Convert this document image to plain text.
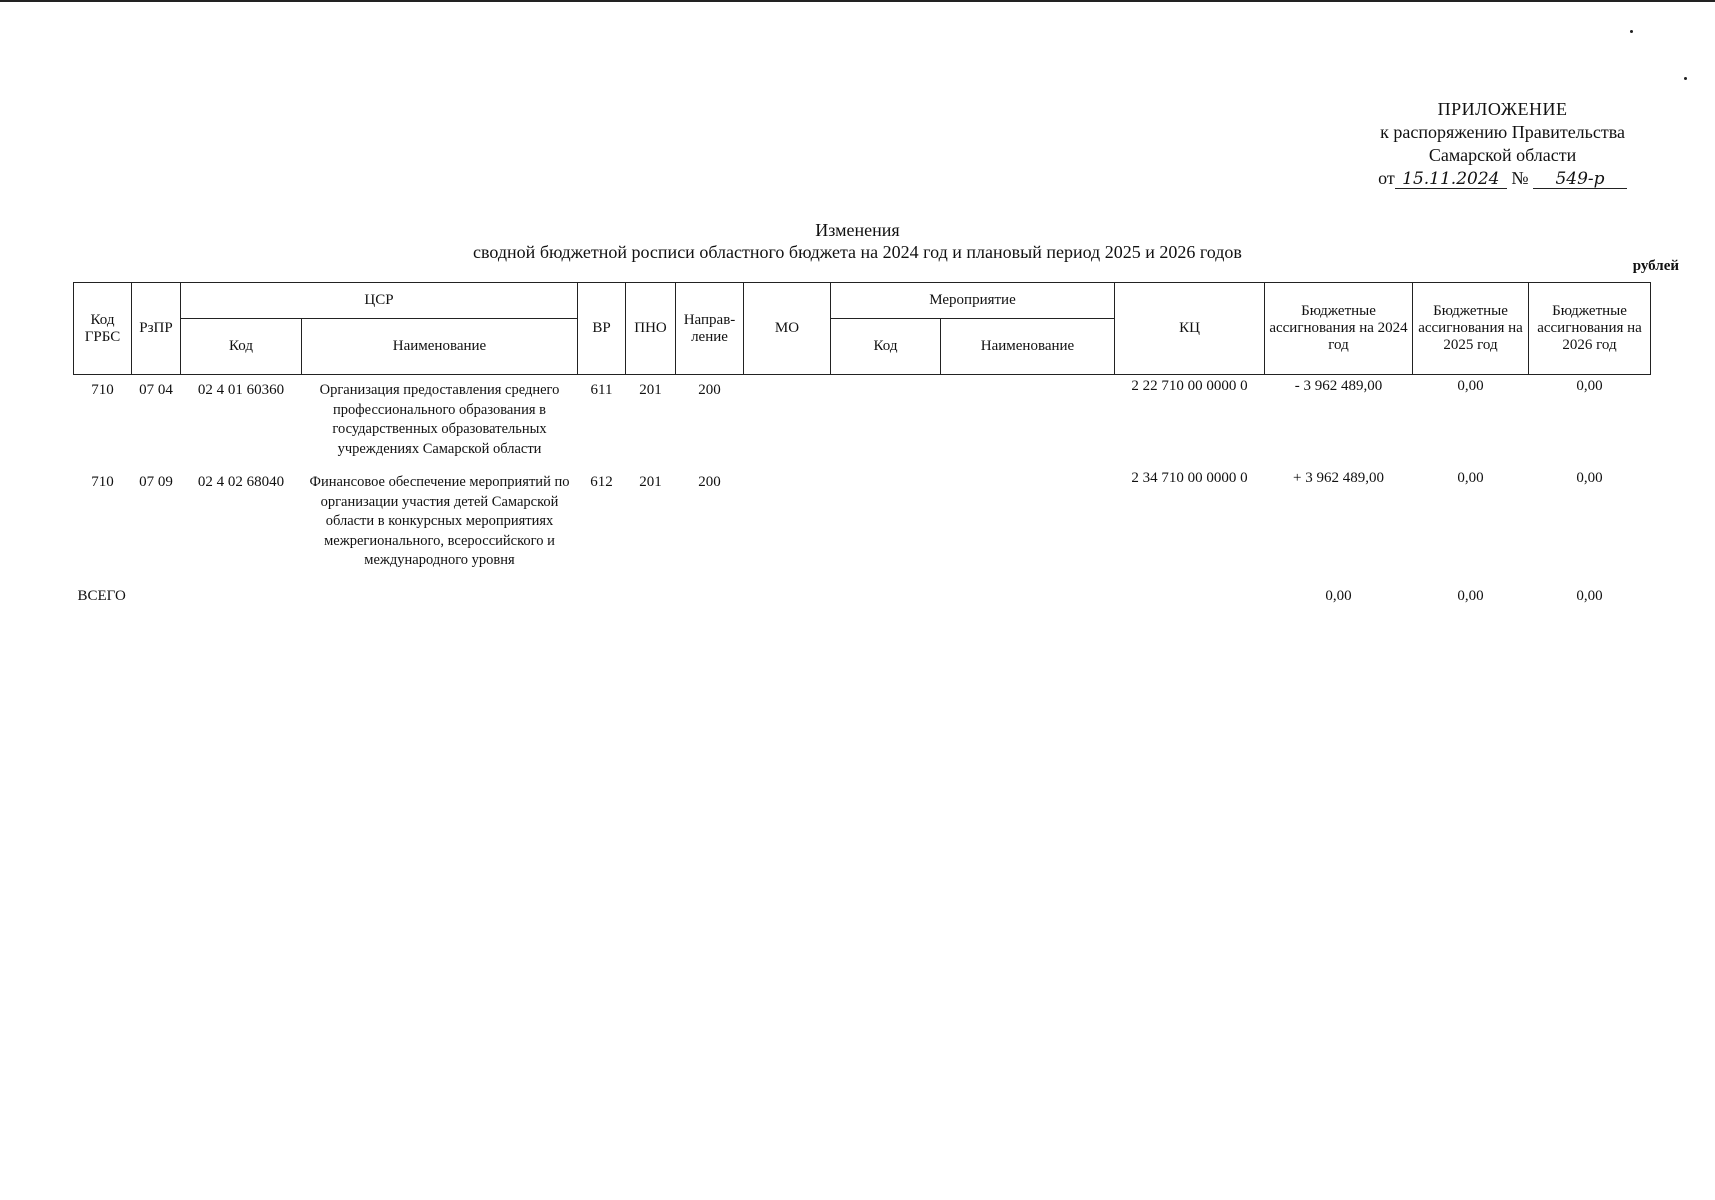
ПРИЛОЖЕНИЕ
к распоряжению Правительства
Самарской области
от 15.11.2024 № 549-р
Изменения
сводной бюджетной росписи областного бюджета на 2024 год и плановый период 2025 и 2026 годов
рублей
Код ГРБС	РзПР	ЦСР		ВР	ПНО	Направ-ление	МО	Мероприятие		КЦ	Бюджетные ассигнования на 2024 год	Бюджетные ассигнования на 2025 год	Бюджетные ассигнования на 2026 год
		Код	Наименование					Код	Наименование				
710	07 04	02 4 01 60360	Организация предоставления среднего профессионального образования в государственных образовательных учреждениях Самарской области	611	201	200				2 22 710 00 0000 0	- 3 962 489,00	0,00	0,00
710	07 09	02 4 02 68040	Финансовое обеспечение мероприятий по организации участия детей Самарской области в конкурсных мероприятиях межрегионального, всероссийского и международного уровня	612	201	200				2 34 710 00 0000 0	+ 3 962 489,00	0,00	0,00
ВСЕГО											0,00	0,00	0,00
